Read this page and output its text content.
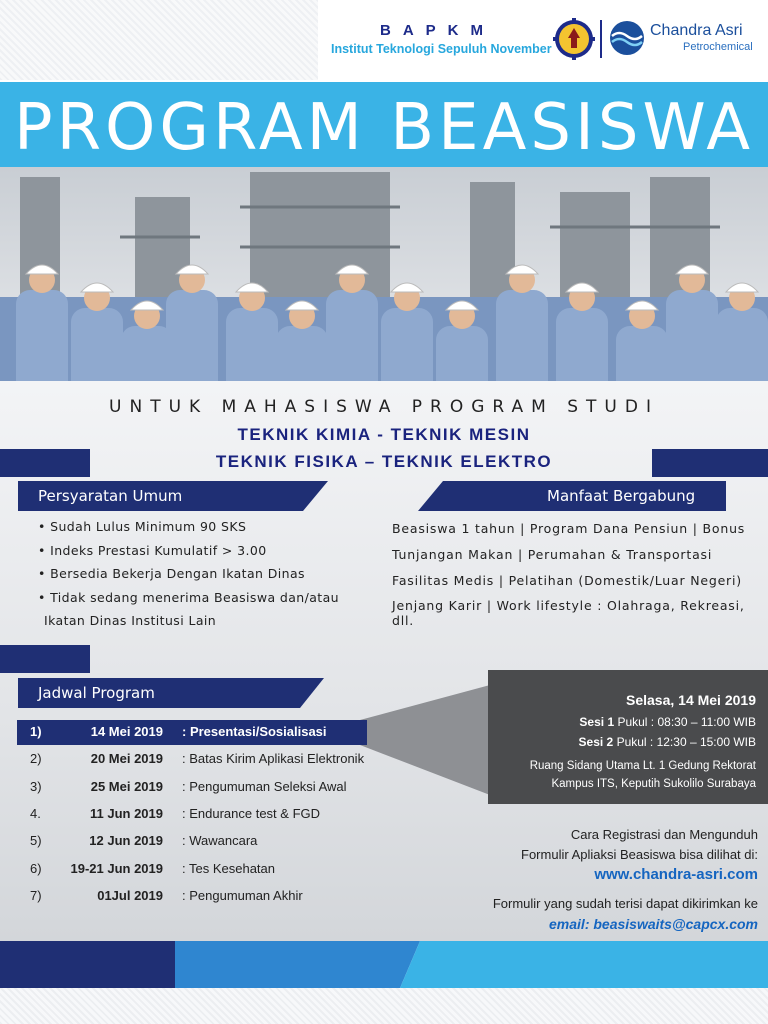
BAPKM
Institut Teknologi Sepuluh November
Chandra Asri
Petrochemical
PROGRAM BEASISWA
UNTUK MAHASISWA PROGRAM STUDI
TEKNIK KIMIA - TEKNIK MESIN
TEKNIK FISIKA – TEKNIK ELEKTRO
Persyaratan Umum
• Sudah Lulus Minimum 90 SKS
• Indeks Prestasi Kumulatif > 3.00
• Bersedia Bekerja Dengan Ikatan Dinas
• Tidak sedang menerima Beasiswa dan/atau
Ikatan Dinas Institusi Lain
Manfaat Bergabung
Beasiswa 1 tahun | Program Dana Pensiun | Bonus
Tunjangan Makan | Perumahan & Transportasi
Fasilitas Medis | Pelatihan (Domestik/Luar Negeri)
Jenjang Karir | Work lifestyle : Olahraga, Rekreasi, dll.
Jadwal Program
1)	14 Mei 2019 : Presentasi/Sosialisasi
2)	20 Mei 2019 : Batas Kirim Aplikasi Elektronik
3)	25 Mei 2019 : Pengumuman Seleksi Awal
4.	11 Jun 2019 : Endurance test & FGD
5)	12 Jun 2019 : Wawancara
6)	19-21 Jun 2019 : Tes Kesehatan
7)	01Jul 2019 : Pengumuman Akhir
Selasa, 14 Mei 2019
Sesi 1 Pukul : 08:30 – 11:00 WIB
Sesi 2 Pukul : 12:30 – 15:00 WIB
Ruang Sidang Utama Lt. 1 Gedung Rektorat
Kampus ITS, Keputih Sukolilo Surabaya
Cara Registrasi dan Mengunduh
Formulir Apliaksi Beasiswa bisa dilihat di:
www.chandra-asri.com
Formulir yang sudah terisi dapat dikirimkan ke
email: beasiswaits@capcx.com
